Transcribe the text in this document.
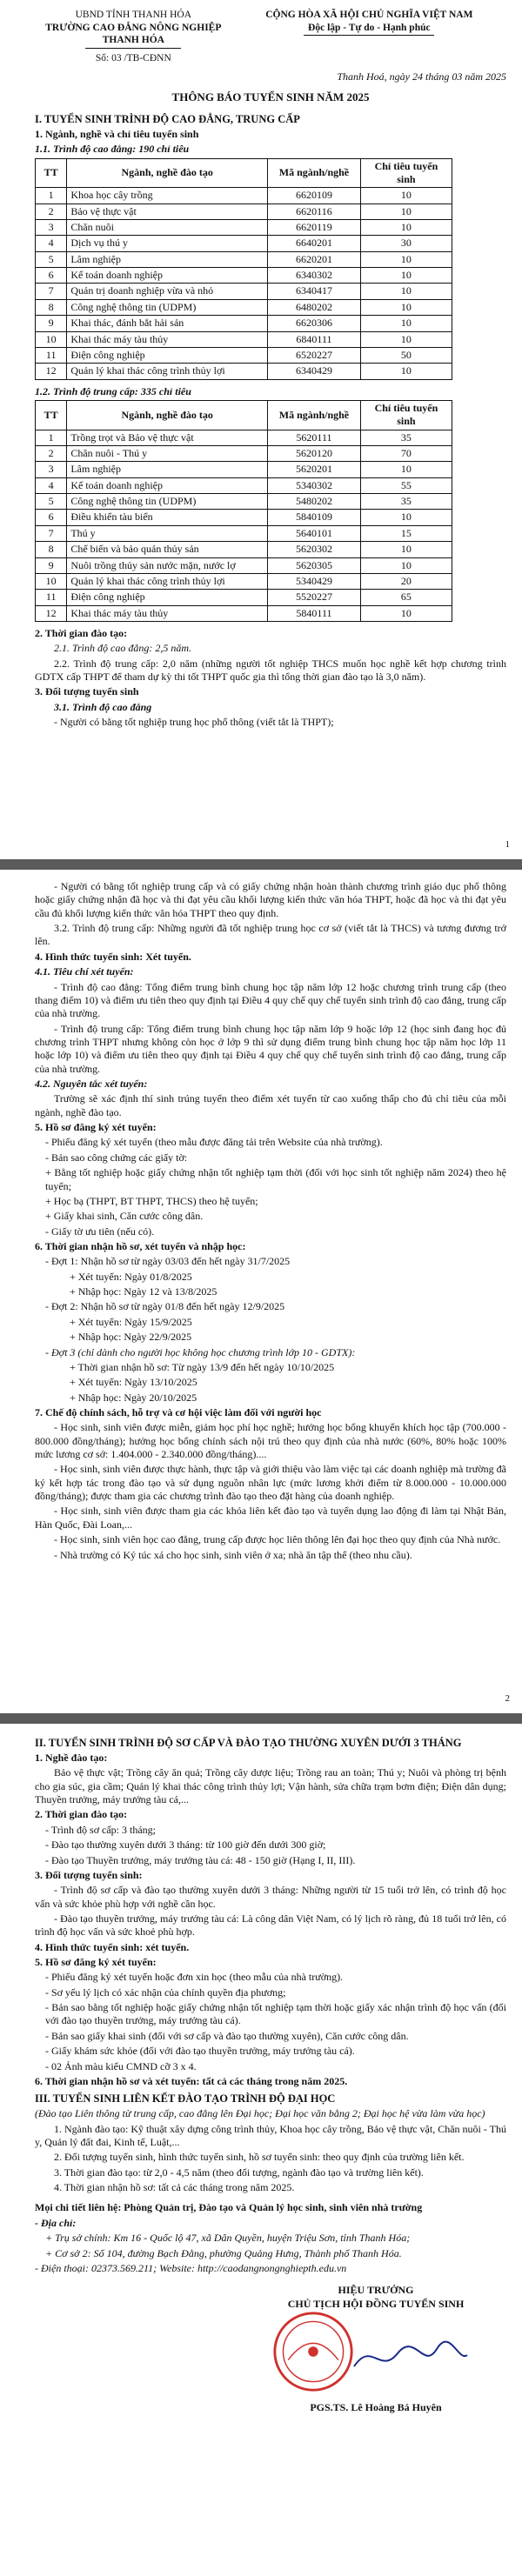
UBND TỈNH THANH HÓA
TRƯỜNG CAO ĐẲNG NÔNG NGHIỆP
THANH HÓA
Số: 03 /TB-CĐNN
CỘNG HÒA XÃ HỘI CHỦ NGHĨA VIỆT NAM
Độc lập - Tự do - Hạnh phúc
Thanh Hoá, ngày 24 tháng 03 năm 2025
THÔNG BÁO TUYỂN SINH NĂM 2025
I. TUYỂN SINH TRÌNH ĐỘ CAO ĐẲNG, TRUNG CẤP

1. Ngành, nghề và chỉ tiêu tuyển sinh

1.1. Trình độ cao đẳng: 190 chỉ tiêu

TT	Ngành, nghề đào tạo	Mã ngành/nghề	Chỉ tiêu tuyển sinh
1	Khoa học cây trồng	6620109	10
2	Bảo vệ thực vật	6620116	10
3	Chăn nuôi	6620119	10
4	Dịch vụ thú y	6640201	30
5	Lâm nghiệp	6620201	10
6	Kế toán doanh nghiệp	6340302	10
7	Quản trị doanh nghiệp vừa và nhỏ	6340417	10
8	Công nghệ thông tin (UDPM)	6480202	10
9	Khai thác, đánh bắt hải sản	6620306	10
10	Khai thác máy tàu thủy	6840111	10
11	Điện công nghiệp	6520227	50
12	Quản lý khai thác công trình thủy lợi	6340429	10

1.2. Trình độ trung cấp: 335 chỉ tiêu

TT	Ngành, nghề đào tạo	Mã ngành/nghề	Chỉ tiêu tuyển sinh
1	Trồng trọt và Bảo vệ thực vật	5620111	35
2	Chăn nuôi - Thú y	5620120	70
3	Lâm nghiệp	5620201	10
4	Kế toán doanh nghiệp	5340302	55
5	Công nghệ thông tin (UDPM)	5480202	35
6	Điều khiển tàu biển	5840109	10
7	Thú y	5640101	15
8	Chế biến và bảo quản thủy sản	5620302	10
9	Nuôi trồng thủy sản nước mặn, nước lợ	5620305	10
10	Quản lý khai thác công trình thủy lợi	5340429	20
11	Điện công nghiệp	5520227	65
12	Khai thác máy tàu thủy	5840111	10

2. Thời gian đào tạo:

2.1. Trình độ cao đẳng: 2,5 năm.

2.2. Trình độ trung cấp: 2,0 năm (những người tốt nghiệp THCS muốn học nghề kết hợp chương trình GDTX cấp THPT để tham dự kỳ thi tốt THPT quốc gia thì tổng thời gian đào tạo là 3,0 năm).

3. Đối tượng tuyển sinh

3.1. Trình độ cao đẳng

- Người có bằng tốt nghiệp trung học phổ thông (viết tắt là THPT);

1

- Người có bằng tốt nghiệp trung cấp và có giấy chứng nhận hoàn thành chương trình giáo dục phổ thông hoặc giấy chứng nhận đã học và thi đạt yêu cầu khối lượng kiến thức văn hóa THPT, hoặc đã học và thi đạt yêu cầu đủ khối lượng kiến thức văn hóa THPT theo quy định.

3.2. Trình độ trung cấp: Những người đã tốt nghiệp trung học cơ sở (viết tắt là THCS) và tương đương trở lên.

4. Hình thức tuyển sinh: Xét tuyển.

4.1. Tiêu chí xét tuyển:

- Trình độ cao đẳng: Tổng điểm trung bình chung học tập năm lớp 12 hoặc chương trình trung cấp (theo thang điểm 10) và điểm ưu tiên theo quy định tại Điều 4 quy chế quy chế tuyển sinh trình độ cao đẳng, trung cấp của nhà trường.

- Trình độ trung cấp: Tổng điểm trung bình chung học tập năm lớp 9 hoặc lớp 12 (học sinh đang học đủ chương trình THPT nhưng không còn học ở lớp 9 thì sử dụng điểm trung bình chung học tập năm học lớp 11 hoặc lớp 10) và điểm ưu tiên theo quy định tại Điều 4 quy chế quy chế tuyển sinh trình độ cao đẳng, trung cấp của nhà trường.

4.2. Nguyên tắc xét tuyển:

Trường sẽ xác định thí sinh trúng tuyển theo điểm xét tuyển từ cao xuống thấp cho đủ chỉ tiêu của mỗi ngành, nghề đào tạo.

5. Hồ sơ đăng ký xét tuyển:

- Phiếu đăng ký xét tuyển (theo mẫu được đăng tải trên Website của nhà trường).

- Bản sao công chứng các giấy tờ:

+ Bằng tốt nghiệp hoặc giấy chứng nhận tốt nghiệp tạm thời (đối với học sinh tốt nghiệp năm 2024) theo hệ tuyển;

+ Học bạ (THPT, BT THPT, THCS) theo hệ tuyển;

+ Giấy khai sinh, Căn cước công dân.

- Giấy tờ ưu tiên (nếu có).

6. Thời gian nhận hồ sơ, xét tuyển và nhập học:

- Đợt 1: Nhận hồ sơ từ ngày 03/03 đến hết ngày 31/7/2025

+ Xét tuyển: Ngày 01/8/2025

+ Nhập học: Ngày 12 và 13/8/2025

- Đợt 2: Nhận hồ sơ từ ngày 01/8 đến hết ngày 12/9/2025

+ Xét tuyển: Ngày 15/9/2025

+ Nhập học: Ngày 22/9/2025

- Đợt 3 (chỉ dành cho người học không học chương trình lớp 10 - GDTX):

+ Thời gian nhận hồ sơ: Từ ngày 13/9 đến hết ngày 10/10/2025

+ Xét tuyển: Ngày 13/10/2025

+ Nhập học: Ngày 20/10/2025

7. Chế độ chính sách, hỗ trợ và cơ hội việc làm đối với người học

- Học sinh, sinh viên được miễn, giảm học phí học nghề; hưởng học bổng khuyến khích học tập (700.000 - 800.000 đồng/tháng); hưởng học bổng chính sách nội trú theo quy định của nhà nước (60%, 80% hoặc 100% mức lương cơ sở: 1.404.000 - 2.340.000 đồng/tháng)....

- Học sinh, sinh viên được thực hành, thực tập và giới thiệu vào làm việc tại các doanh nghiệp mà trường đã ký kết hợp tác trong đào tạo và sử dụng nguồn nhân lực (mức lương khởi điểm từ 8.000.000 - 10.000.000 đồng/tháng); được tham gia các chương trình đào tạo theo đặt hàng của doanh nghiệp.

- Học sinh, sinh viên được tham gia các khóa liên kết đào tạo và tuyển dụng lao động đi làm tại Nhật Bản, Hàn Quốc, Đài Loan,...

- Học sinh, sinh viên học cao đẳng, trung cấp được học liên thông lên đại học theo quy định của Nhà nước.

- Nhà trường có Ký túc xá cho học sinh, sinh viên ở xa; nhà ăn tập thể (theo nhu cầu).

2
II. TUYỂN SINH TRÌNH ĐỘ SƠ CẤP VÀ ĐÀO TẠO THƯỜNG XUYÊN DƯỚI 3 THÁNG

1. Nghề đào tạo:

Bảo vệ thực vật; Trồng cây ăn quả; Trồng cây dược liệu; Trồng rau an toàn; Thú y; Nuôi và phòng trị bệnh cho gia súc, gia cầm; Quản lý khai thác công trình thủy lợi; Vận hành, sửa chữa trạm bơm điện; Điện dân dụng; Thuyền trưởng, máy trưởng tàu cá,...

2. Thời gian đào tạo:

- Trình độ sơ cấp: 3 tháng;

- Đào tạo thường xuyên dưới 3 tháng: từ 100 giờ đến dưới 300 giờ;

- Đào tạo Thuyền trưởng, máy trưởng tàu cá: 48 - 150 giờ (Hạng I, II, III).

3. Đối tượng tuyển sinh:

- Trình độ sơ cấp và đào tạo thường xuyên dưới 3 tháng: Những người từ 15 tuổi trở lên, có trình độ học vấn và sức khỏe phù hợp với nghề cần học.

- Đào tạo thuyền trưởng, máy trưởng tàu cá: Là công dân Việt Nam, có lý lịch rõ ràng, đủ 18 tuổi trở lên, có trình độ học vấn và sức khoẻ phù hợp.

4. Hình thức tuyển sinh: xét tuyển.

5. Hồ sơ đăng ký xét tuyển:

- Phiếu đăng ký xét tuyển hoặc đơn xin học (theo mẫu của nhà trường).

- Sơ yếu lý lịch có xác nhận của chính quyền địa phương;

- Bản sao bằng tốt nghiệp hoặc giấy chứng nhận tốt nghiệp tạm thời hoặc giấy xác nhận trình độ học vấn (đối với đào tạo thuyền trưởng, máy trưởng tàu cá).

- Bản sao giấy khai sinh (đối với sơ cấp và đào tạo thường xuyên), Căn cước công dân.

- Giấy khám sức khỏe (đối với đào tạo thuyền trưởng, máy trưởng tàu cá).

- 02 Ảnh màu kiểu CMND cỡ 3 x 4.

6. Thời gian nhận hồ sơ và xét tuyển: tất cả các tháng trong năm 2025.

III. TUYỂN SINH LIÊN KẾT ĐÀO TẠO TRÌNH ĐỘ ĐẠI HỌC

(Đào tạo Liên thông từ trung cấp, cao đẳng lên Đại học; Đại học văn bằng 2; Đại học hệ vừa làm vừa học)

1. Ngành đào tạo: Kỹ thuật xây dựng công trình thủy, Khoa học cây trồng, Bảo vệ thực vật, Chăn nuôi - Thú y, Quản lý đất đai, Kinh tế, Luật,...

2. Đối tượng tuyển sinh, hình thức tuyển sinh, hồ sơ tuyển sinh: theo quy định của trường liên kết.

3. Thời gian đào tạo: từ 2,0 - 4,5 năm (theo đối tượng, ngành đào tạo và trường liên kết).

4. Thời gian nhận hồ sơ: tất cả các tháng trong năm 2025.

Mọi chi tiết liên hệ: Phòng Quản trị, Đào tạo và Quản lý học sinh, sinh viên nhà trường

- Địa chỉ:

+ Trụ sở chính: Km 16 - Quốc lộ 47, xã Dân Quyền, huyện Triệu Sơn, tỉnh Thanh Hóa;

+ Cơ sở 2: Số 104, đường Bạch Đằng, phường Quảng Hưng, Thành phố Thanh Hóa.

- Điện thoại: 02373.569.211; Website: http://caodangnongnghiepth.edu.vn

HIỆU TRƯỞNG
CHỦ TỊCH HỘI ĐỒNG TUYỂN SINH
PGS.TS. Lê Hoàng Bá Huyên
